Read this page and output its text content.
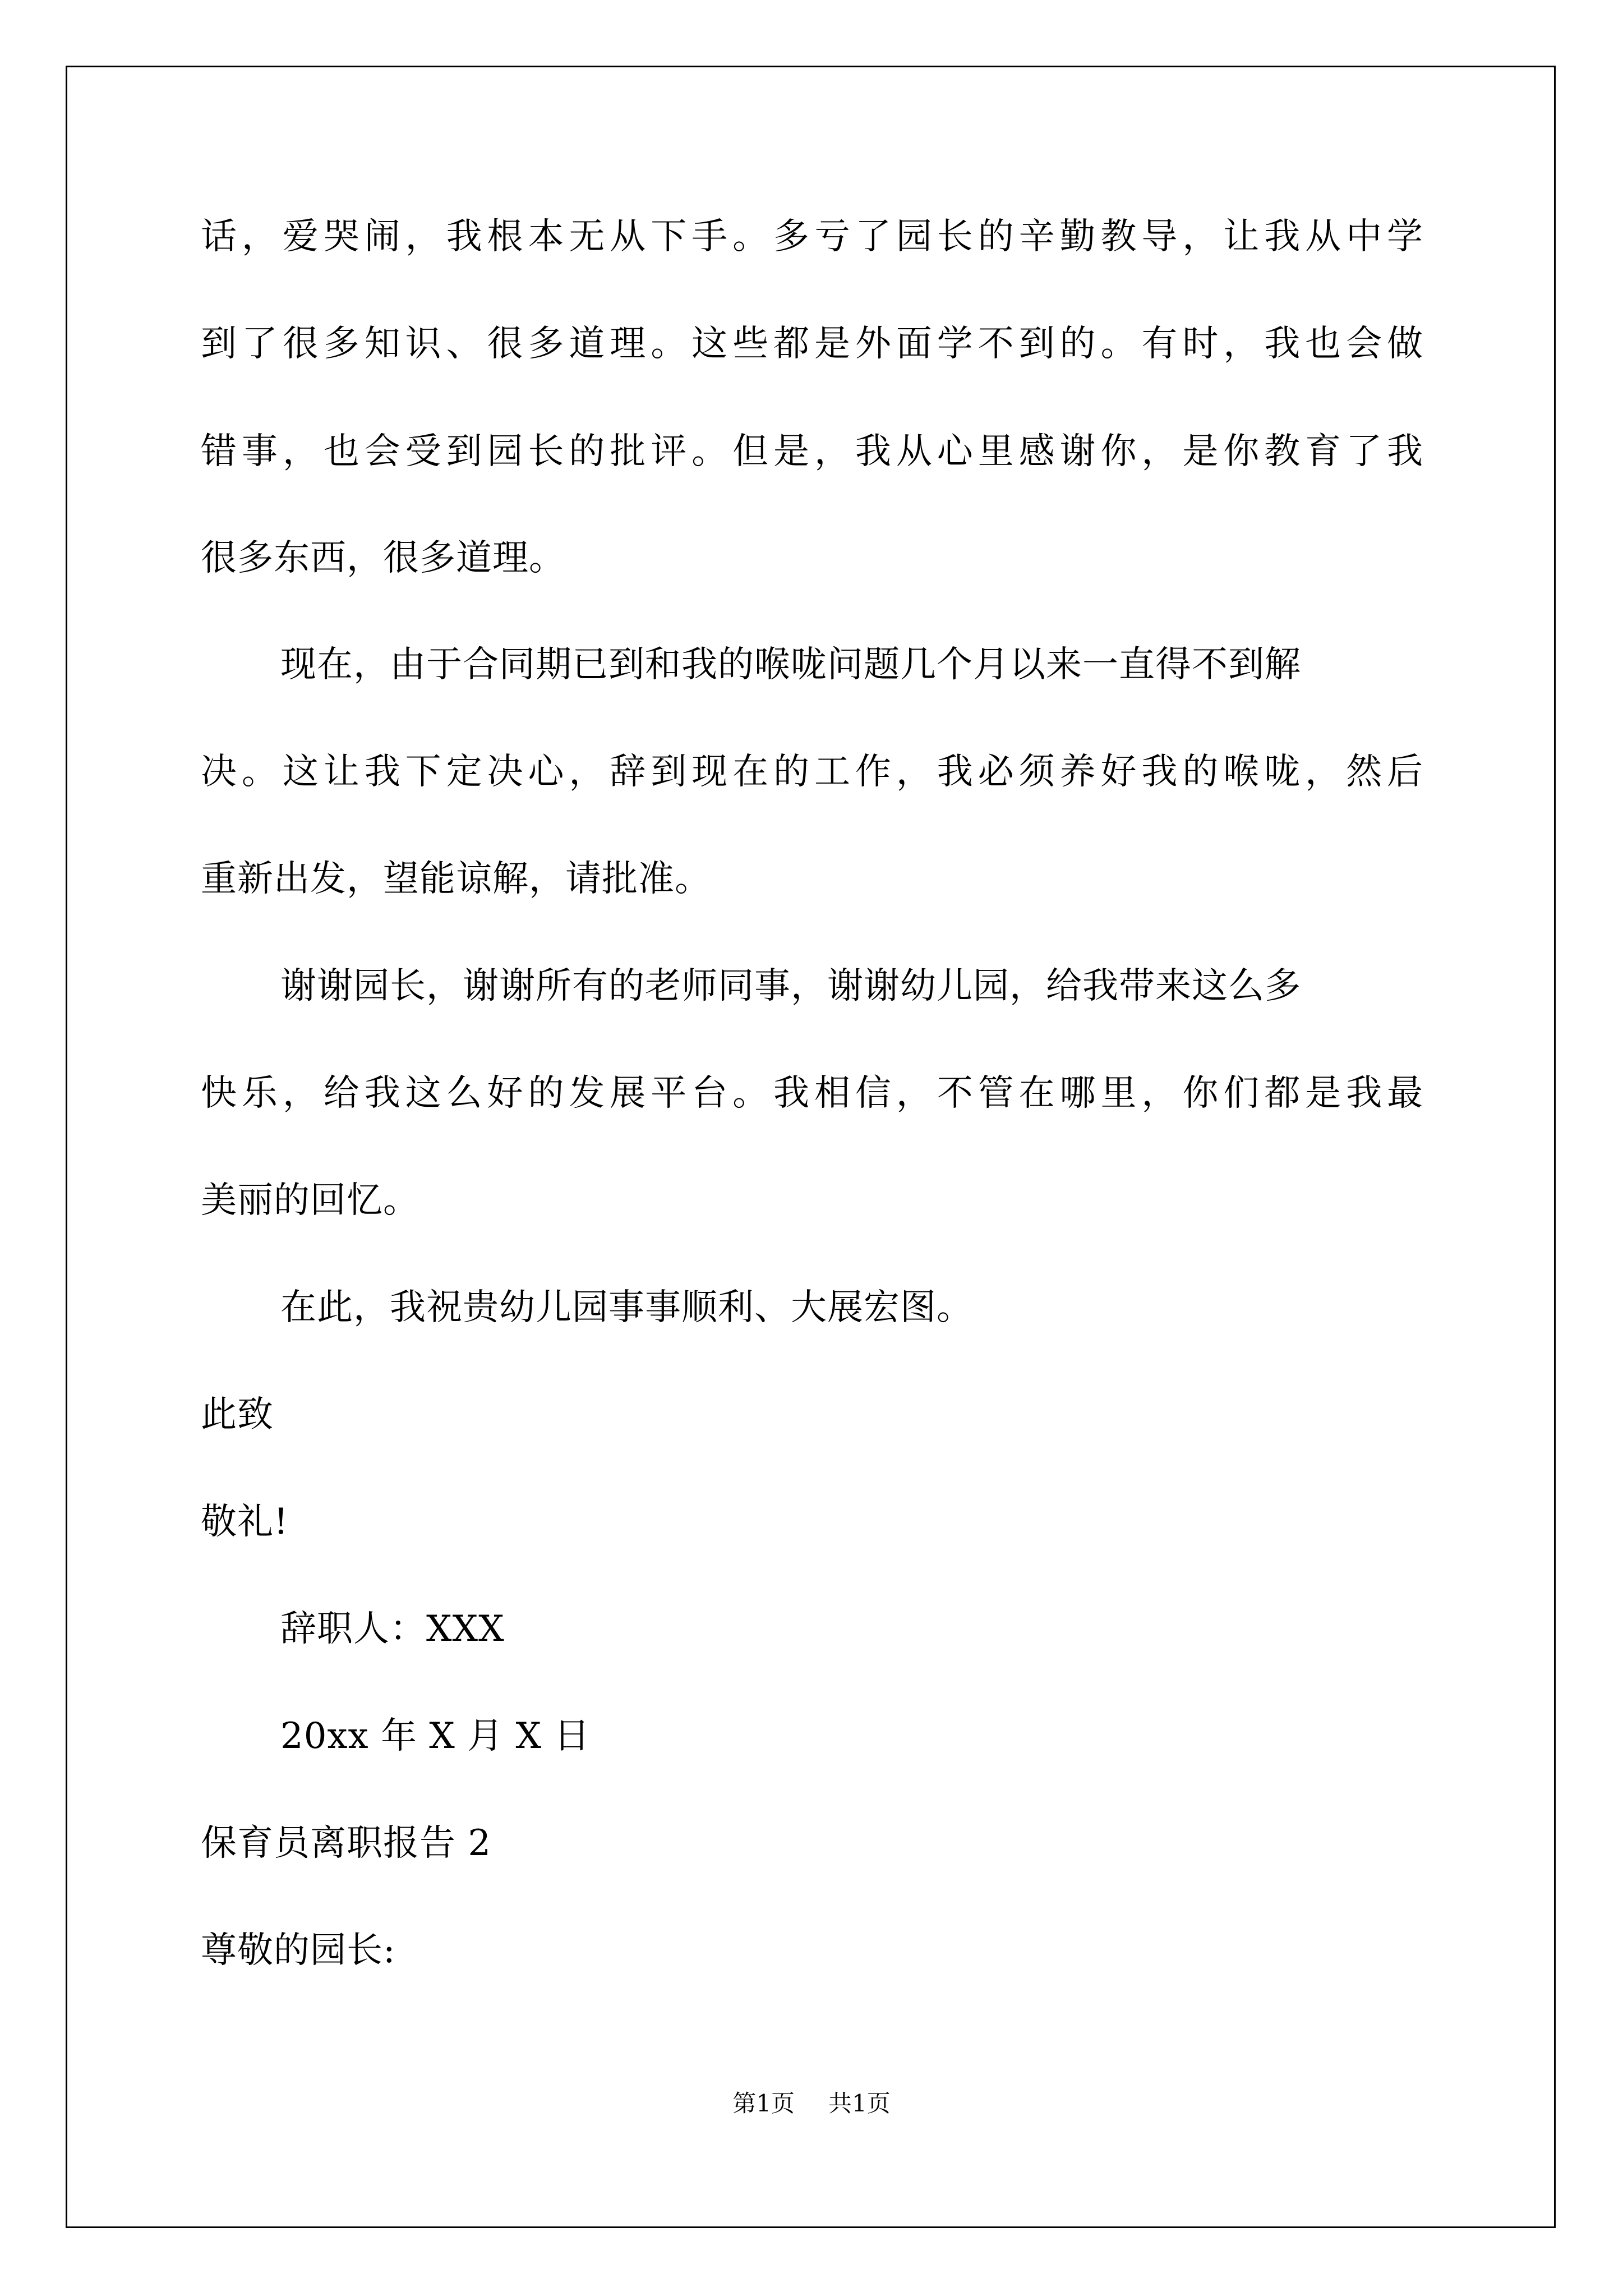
话，爱哭闹，我根本无从下手。多亏了园长的辛勤教导，让我从中学
到了很多知识、很多道理。这些都是外面学不到的。有时，我也会做
错事，也会受到园长的批评。但是，我从心里感谢你，是你教育了我
很多东西，很多道理。
现在，由于合同期已到和我的喉咙问题几个月以来一直得不到解
决。这让我下定决心，辞到现在的工作，我必须养好我的喉咙，然后
重新出发，望能谅解，请批准。
谢谢园长，谢谢所有的老师同事，谢谢幼儿园，给我带来这么多
快乐，给我这么好的发展平台。我相信，不管在哪里，你们都是我最
美丽的回忆。
在此，我祝贵幼儿园事事顺利、大展宏图。
此致
敬礼!
辞职人：XXX
20xx 年 X 月 X 日
保育员离职报告 2
尊敬的园长:
第1页 共1页
